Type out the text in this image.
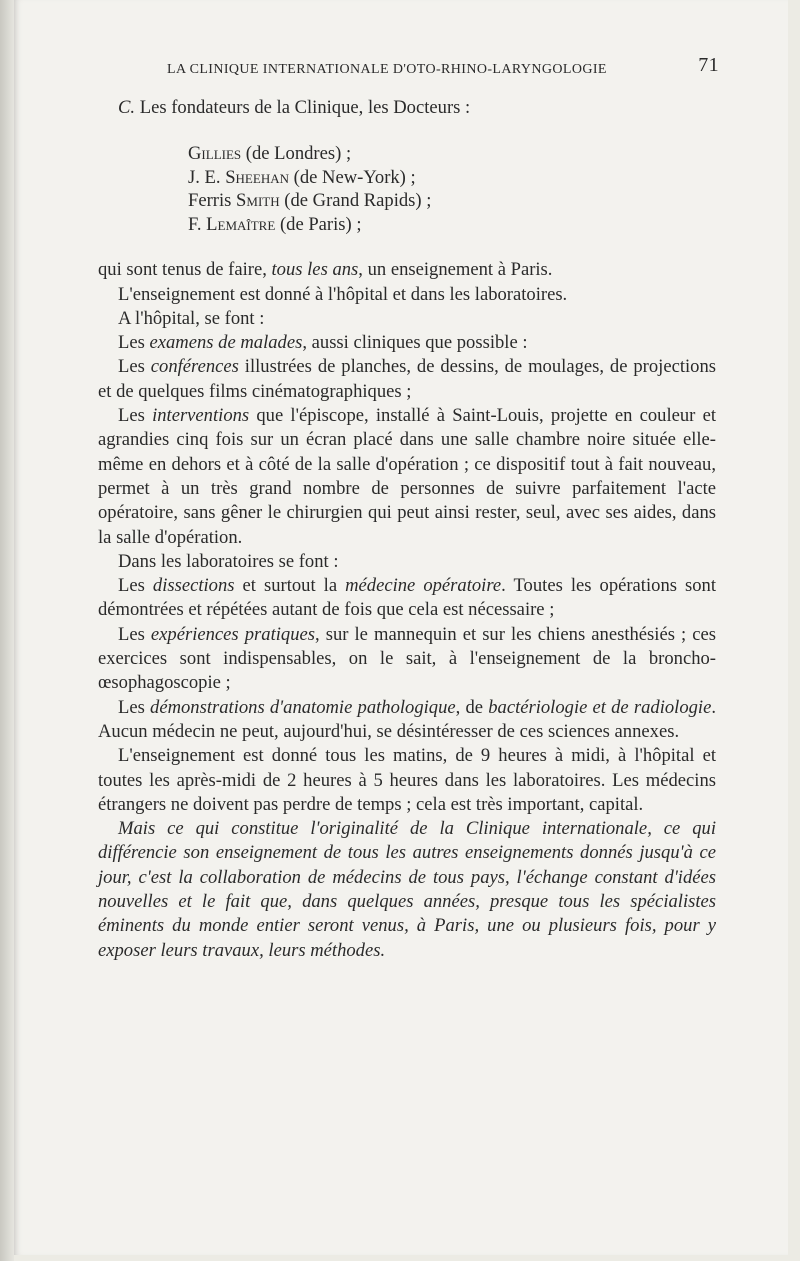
LA CLINIQUE INTERNATIONALE D'OTO-RHINO-LARYNGOLOGIE	71

C. Les fondateurs de la Clinique, les Docteurs :

Gillies (de Londres) ;
J. E. Sheehan (de New-York) ;
Ferris Smith (de Grand Rapids) ;
F. Lemaître (de Paris) ;

qui sont tenus de faire, tous les ans, un enseignement à Paris.

L'enseignement est donné à l'hôpital et dans les laboratoires.

A l'hôpital, se font :

Les examens de malades, aussi cliniques que possible :

Les conférences illustrées de planches, de dessins, de moulages, de projections et de quelques films cinématographiques ;

Les interventions que l'épiscope, installé à Saint-Louis, projette en couleur et agrandies cinq fois sur un écran placé dans une salle chambre noire située elle-même en dehors et à côté de la salle d'opération ; ce dispositif tout à fait nouveau, permet à un très grand nombre de personnes de suivre parfaitement l'acte opératoire, sans gêner le chirurgien qui peut ainsi rester, seul, avec ses aides, dans la salle d'opération.

Dans les laboratoires se font :

Les dissections et surtout la médecine opératoire. Toutes les opérations sont démontrées et répétées autant de fois que cela est nécessaire ;

Les expériences pratiques, sur le mannequin et sur les chiens anesthésiés ; ces exercices sont indispensables, on le sait, à l'enseignement de la broncho-œsophagoscopie ;

Les démonstrations d'anatomie pathologique, de bactériologie et de radiologie. Aucun médecin ne peut, aujourd'hui, se désintéresser de ces sciences annexes.

L'enseignement est donné tous les matins, de 9 heures à midi, à l'hôpital et toutes les après-midi de 2 heures à 5 heures dans les laboratoires. Les médecins étrangers ne doivent pas perdre de temps ; cela est très important, capital.

Mais ce qui constitue l'originalité de la Clinique internationale, ce qui différencie son enseignement de tous les autres enseignements donnés jusqu'à ce jour, c'est la collaboration de médecins de tous pays, l'échange constant d'idées nouvelles et le fait que, dans quelques années, presque tous les spécialistes éminents du monde entier seront venus, à Paris, une ou plusieurs fois, pour y exposer leurs travaux, leurs méthodes.
